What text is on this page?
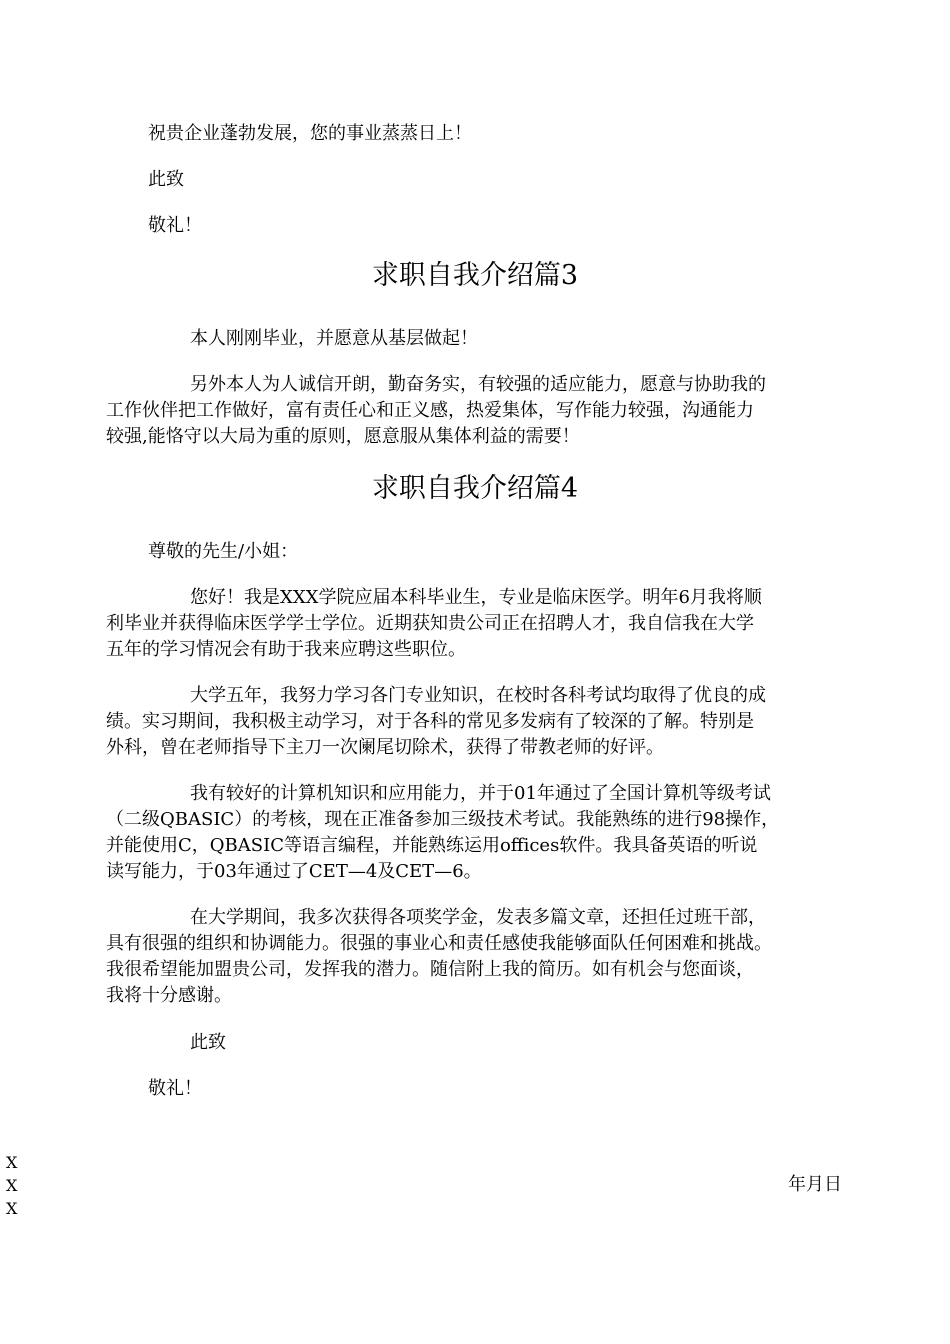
祝贵企业蓬勃发展，您的事业蒸蒸日上！
此致
敬礼！
求职自我介绍篇3
本人刚刚毕业，并愿意从基层做起！
另外本人为人诚信开朗，勤奋务实，有较强的适应能力，愿意与协助我的
工作伙伴把工作做好，富有责任心和正义感，热爱集体，写作能力较强，沟通能力
较强,能恪守以大局为重的原则，愿意服从集体利益的需要！
求职自我介绍篇4
尊敬的先生/小姐：
您好！我是XXX学院应届本科毕业生，专业是临床医学。明年6月我将顺
利毕业并获得临床医学学士学位。近期获知贵公司正在招聘人才，我自信我在大学
五年的学习情况会有助于我来应聘这些职位。
大学五年，我努力学习各门专业知识，在校时各科考试均取得了优良的成
绩。实习期间，我积极主动学习，对于各科的常见多发病有了较深的了解。特别是
外科，曾在老师指导下主刀一次阑尾切除术，获得了带教老师的好评。
我有较好的计算机知识和应用能力，并于01年通过了全国计算机等级考试
（二级QBASIC）的考核，现在正准备参加三级技术考试。我能熟练的进行98操作，
并能使用C，QBASIC等语言编程，并能熟练运用offices软件。我具备英语的听说
读写能力，于03年通过了CET—4及CET—6。
在大学期间，我多次获得各项奖学金，发表多篇文章，还担任过班干部，
具有很强的组织和协调能力。很强的事业心和责任感使我能够面队任何困难和挑战。
我很希望能加盟贵公司，发挥我的潜力。随信附上我的简历。如有机会与您面谈，
我将十分感谢。
此致
敬礼！
X
X
X
年月日
